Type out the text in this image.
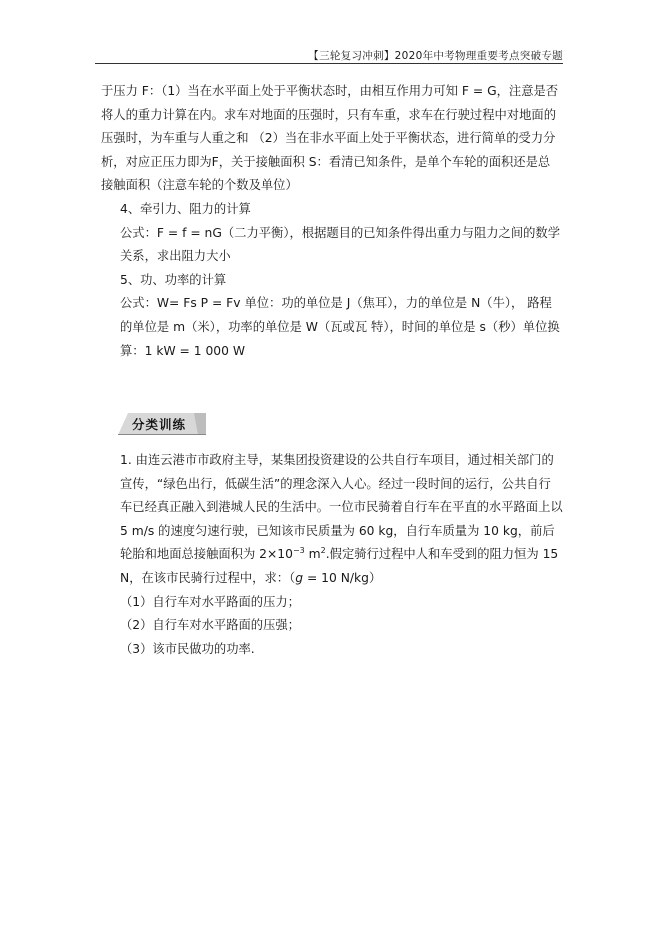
【三轮复习冲刺】2020年中考物理重要考点突破专题

于压力 F：（1）当在水平面上处于平衡状态时，由相互作用力可知 F = G，注意是否将人的重力计算在内。求车对地面的压强时，只有车重，求车在行驶过程中对地面的压强时，为车重与人重之和 （2）当在非水平面上处于平衡状态，进行简单的受力分析，对应正压力即为F，关于接触面积 S：看清已知条件，是单个车轮的面积还是总接触面积（注意车轮的个数及单位）

4、牵引力、阻力的计算

公式：F = f = nG（二力平衡），根据题目的已知条件得出重力与阻力之间的数学关系，求出阻力大小

5、功、功率的计算

公式：W= Fs P = Fv 单位：功的单位是 J（焦耳），力的单位是 N（牛）， 路程的单位是 m（米），功率的单位是 W（瓦或瓦 特），时间的单位是 s（秒）单位换算：1 kW = 1 000 W

分类训练

1. 由连云港市市政府主导，某集团投资建设的公共自行车项目，通过相关部门的宣传，“绿色出行，低碳生活”的理念深入人心。经过一段时间的运行，公共自行车已经真正融入到港城人民的生活中。一位市民骑着自行车在平直的水平路面上以 5 m/s 的速度匀速行驶，已知该市民质量为 60 kg，自行车质量为 10 kg，前后轮胎和地面总接触面积为 $2\times 10^{-3}$ $m^2$.假定骑行过程中人和车受到的阻力恒为 15 N，在该市民骑行过程中，求：（g = 10 N/kg）

（1）自行车对水平路面的压力；

（2）自行车对水平路面的压强；

（3）该市民做功的功率.
